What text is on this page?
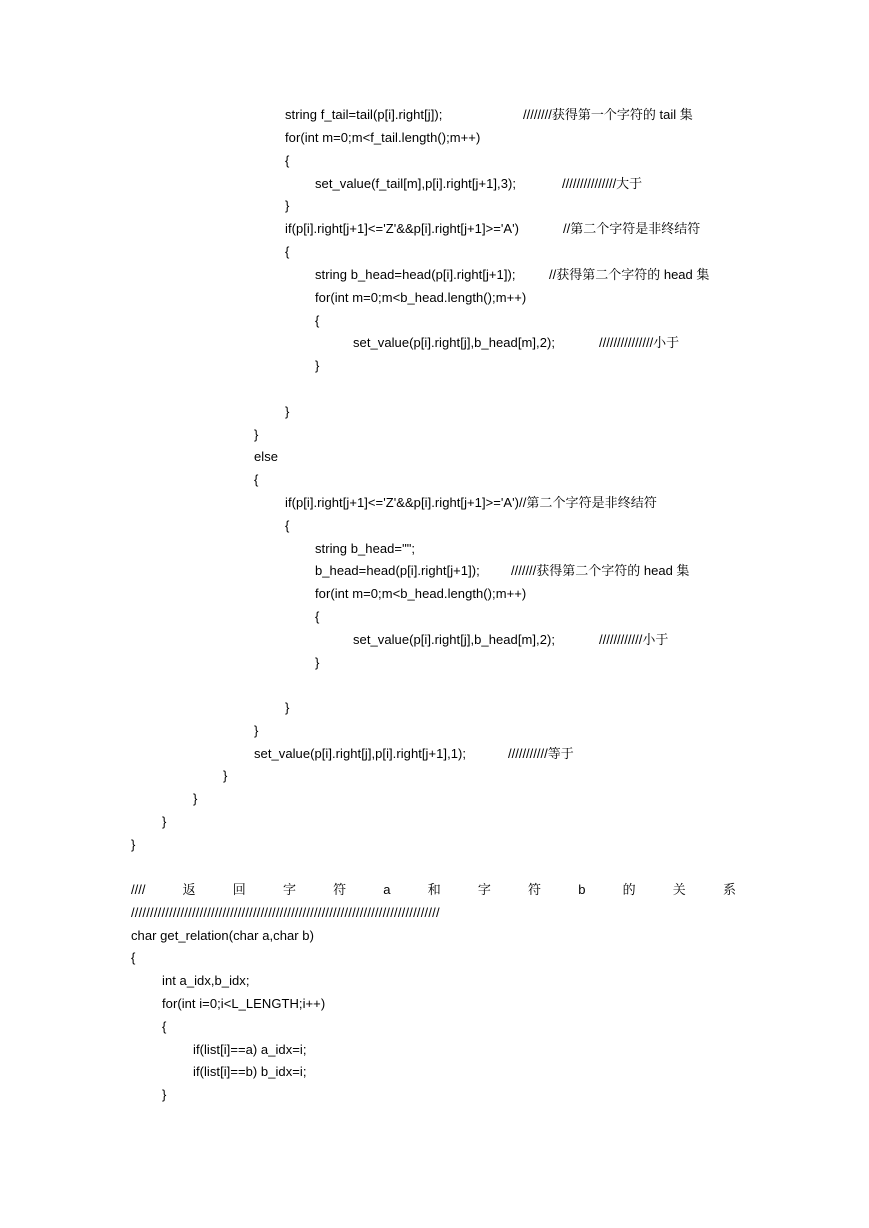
string f_tail=tail(p[i].right[j]);	////////获得第一个字符的 tail 集
for(int m=0;m<f_tail.length();m++)
{
set_value(f_tail[m],p[i].right[j+1],3);	///////////////大于
}
if(p[i].right[j+1]<='Z'&&p[i].right[j+1]>='A')	//第二个字符是非终结符
{
string b_head=head(p[i].right[j+1]);	//获得第二个字符的 head 集
for(int m=0;m<b_head.length();m++)
{
set_value(p[i].right[j],b_head[m],2);	///////////////小于
}
}
}
else
{
if(p[i].right[j+1]<='Z'&&p[i].right[j+1]>='A')//第二个字符是非终结符
{
string b_head="";
b_head=head(p[i].right[j+1]); ///////获得第二个字符的 head 集
for(int m=0;m<b_head.length();m++)
{
set_value(p[i].right[j],b_head[m],2);	////////////小于
}
}
}
set_value(p[i].right[j],p[i].right[j+1],1);	///////////等于
}
}
}
}
////	返	回	字	符	a	和	字	符	b	的	关	系
/////////////////////////////////////////////////////////////////////////////////
char get_relation(char a,char b)
{
int a_idx,b_idx;
for(int i=0;i<L_LENGTH;i++)
{
if(list[i]==a) a_idx=i;
if(list[i]==b) b_idx=i;
}
